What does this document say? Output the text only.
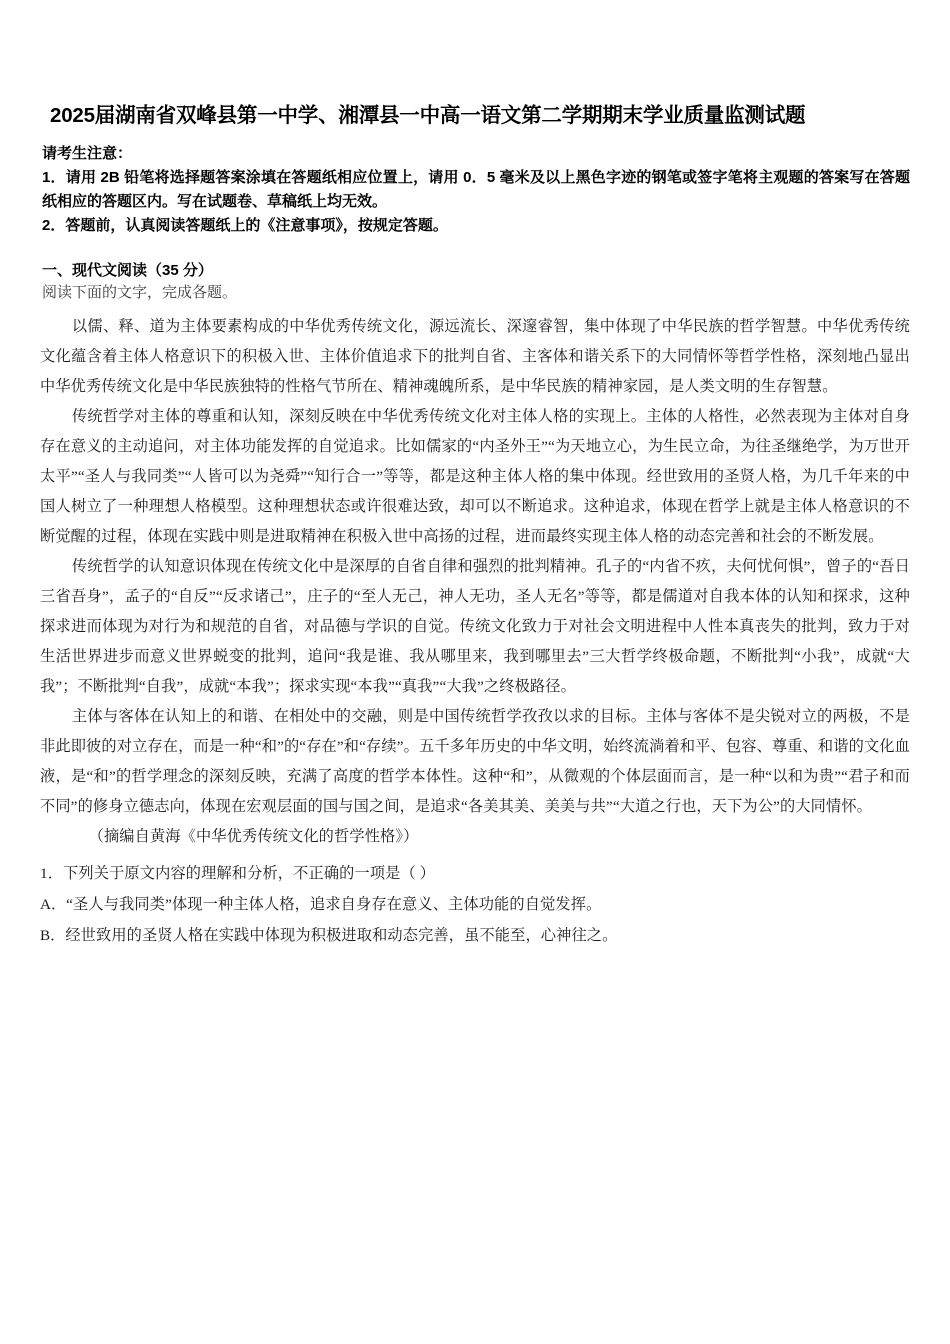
2025届湖南省双峰县第一中学、湘潭县一中高一语文第二学期期末学业质量监测试题
请考生注意：
1．请用 2B 铅笔将选择题答案涂填在答题纸相应位置上，请用 0．5 毫米及以上黑色字迹的钢笔或签字笔将主观题的答案写在答题纸相应的答题区内。写在试题卷、草稿纸上均无效。
2．答题前，认真阅读答题纸上的《注意事项》，按规定答题。
一、现代文阅读（35 分）
阅读下面的文字，完成各题。

以儒、释、道为主体要素构成的中华优秀传统文化，源远流长、深邃睿智，集中体现了中华民族的哲学智慧。中华优秀传统文化蕴含着主体人格意识下的积极入世、主体价值追求下的批判自省、主客体和谐关系下的大同情怀等哲学性格，深刻地凸显出中华优秀传统文化是中华民族独特的性格气节所在、精神魂魄所系，是中华民族的精神家园，是人类文明的生存智慧。

传统哲学对主体的尊重和认知，深刻反映在中华优秀传统文化对主体人格的实现上。主体的人格性，必然表现为主体对自身存在意义的主动追问，对主体功能发挥的自觉追求。比如儒家的“内圣外王”“为天地立心，为生民立命，为往圣继绝学，为万世开太平”“圣人与我同类”“人皆可以为尧舜”“知行合一”等等，都是这种主体人格的集中体现。经世致用的圣贤人格，为几千年来的中国人树立了一种理想人格模型。这种理想状态或许很难达致，却可以不断追求。这种追求，体现在哲学上就是主体人格意识的不断觉醒的过程，体现在实践中则是进取精神在积极入世中高扬的过程，进而最终实现主体人格的动态完善和社会的不断发展。

传统哲学的认知意识体现在传统文化中是深厚的自省自律和强烈的批判精神。孔子的“内省不疚，夫何忧何惧”，曾子的“吾日三省吾身”，孟子的“自反”“反求诸己”，庄子的“至人无己，神人无功，圣人无名”等等，都是儒道对自我本体的认知和探求，这种探求进而体现为对行为和规范的自省，对品德与学识的自觉。传统文化致力于对社会文明进程中人性本真丧失的批判，致力于对生活世界进步而意义世界蜕变的批判，追问“我是谁、我从哪里来，我到哪里去”三大哲学终极命题，不断批判“小我”，成就“大我”；不断批判“自我”，成就“本我”；探求实现“本我”“真我”“大我”之终极路径。

主体与客体在认知上的和谐、在相处中的交融，则是中国传统哲学孜孜以求的目标。主体与客体不是尖锐对立的两极，不是非此即彼的对立存在，而是一种“和”的“存在”和“存续”。五千多年历史的中华文明，始终流淌着和平、包容、尊重、和谐的文化血液，是“和”的哲学理念的深刻反映，充满了高度的哲学本体性。这种“和”，从微观的个体层面而言，是一种“以和为贵”“君子和而不同”的修身立德志向，体现在宏观层面的国与国之间，是追求“各美其美、美美与共”“大道之行也，天下为公”的大同情怀。

（摘编自黄海《中华优秀传统文化的哲学性格》）

1．下列关于原文内容的理解和分析，不正确的一项是（ ）

A．“圣人与我同类”体现一种主体人格，追求自身存在意义、主体功能的自觉发挥。

B．经世致用的圣贤人格在实践中体现为积极进取和动态完善，虽不能至，心神往之。
